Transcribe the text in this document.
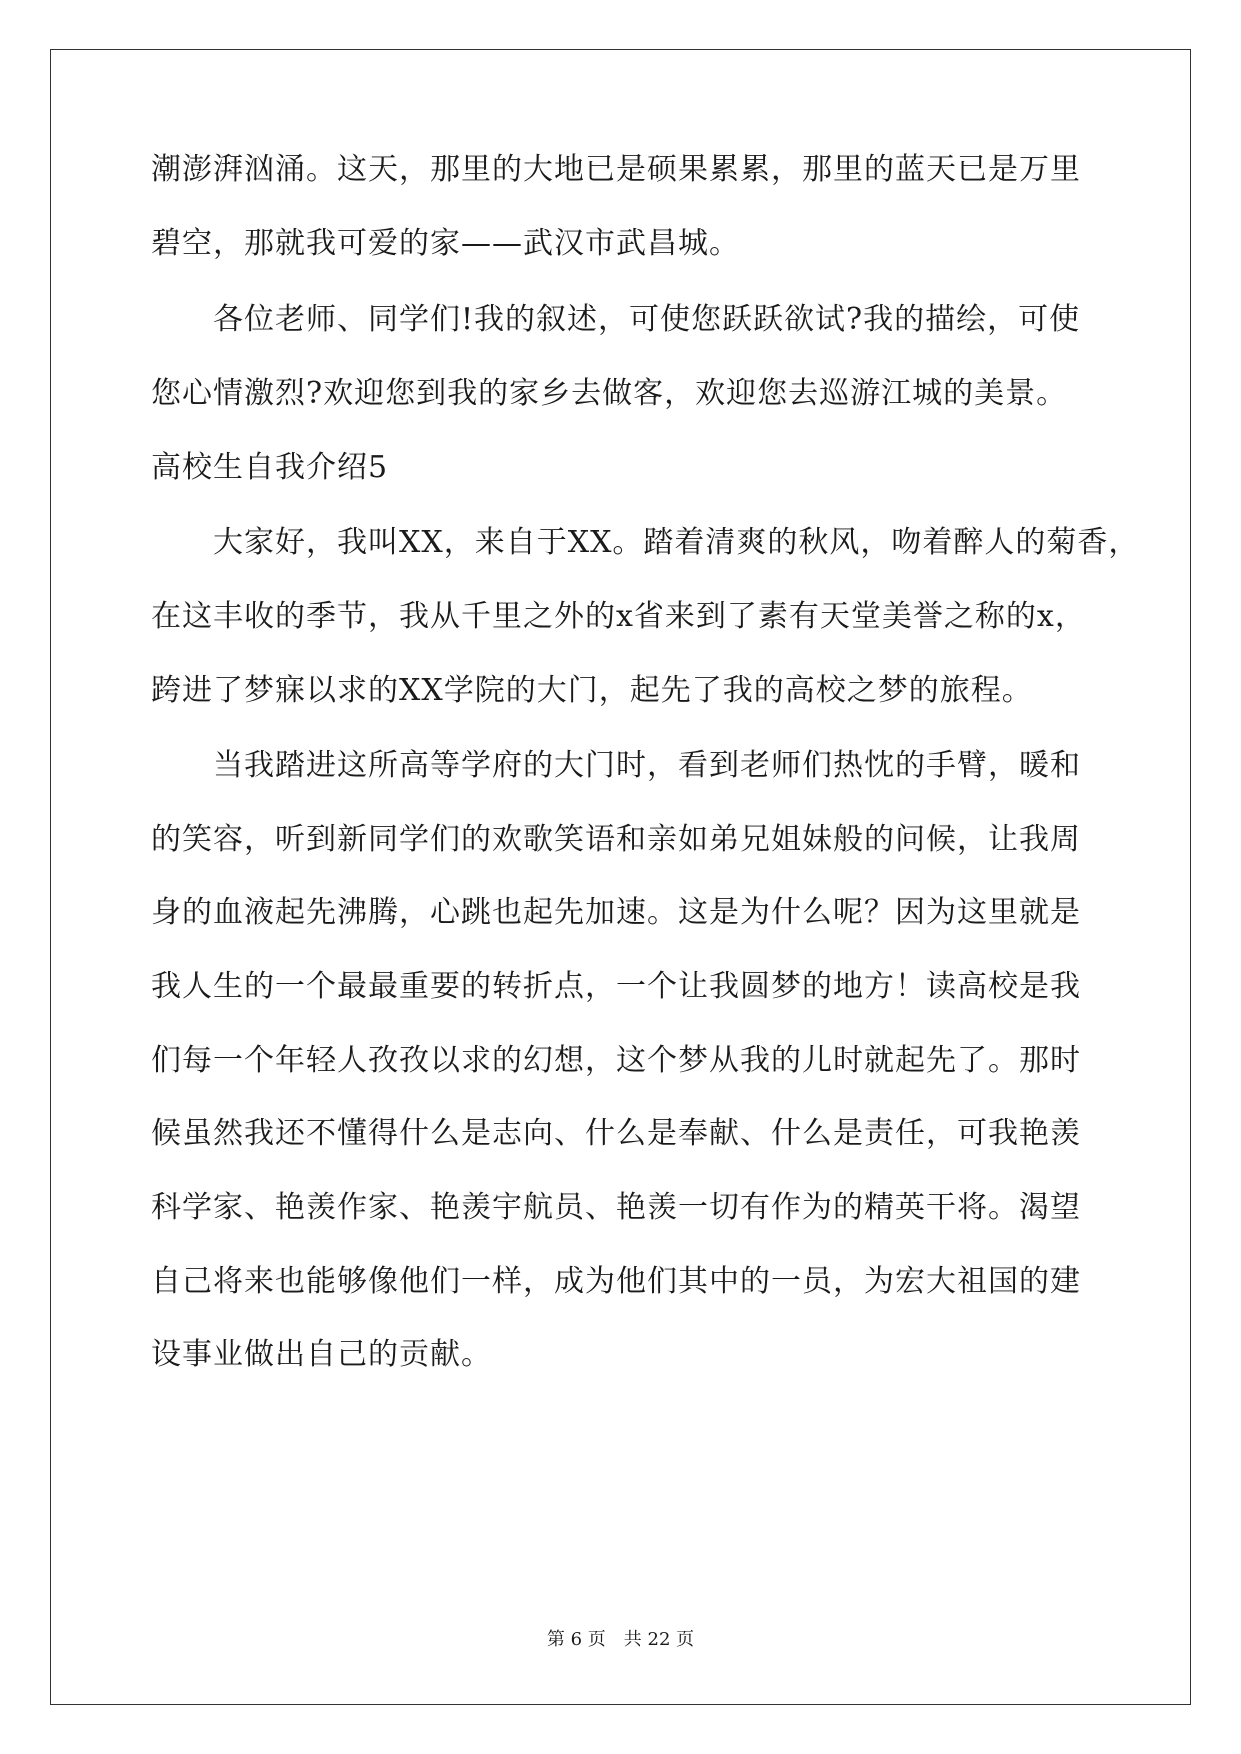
潮澎湃汹涌。这天，那里的大地已是硕果累累，那里的蓝天已是万里
碧空，那就我可爱的家——武汉市武昌城。
各位老师、同学们!我的叙述，可使您跃跃欲试?我的描绘，可使
您心情激烈?欢迎您到我的家乡去做客，欢迎您去巡游江城的美景。
高校生自我介绍5
大家好，我叫XX，来自于XX。踏着清爽的秋风，吻着醉人的菊香，
在这丰收的季节，我从千里之外的x省来到了素有天堂美誉之称的x，
跨进了梦寐以求的XX学院的大门，起先了我的高校之梦的旅程。
当我踏进这所高等学府的大门时，看到老师们热忱的手臂，暖和
的笑容，听到新同学们的欢歌笑语和亲如弟兄姐妹般的问候，让我周
身的血液起先沸腾，心跳也起先加速。这是为什么呢？因为这里就是
我人生的一个最最重要的转折点，一个让我圆梦的地方！读高校是我
们每一个年轻人孜孜以求的幻想，这个梦从我的儿时就起先了。那时
候虽然我还不懂得什么是志向、什么是奉献、什么是责任，可我艳羡
科学家、艳羡作家、艳羡宇航员、艳羡一切有作为的精英干将。渴望
自己将来也能够像他们一样，成为他们其中的一员，为宏大祖国的建
设事业做出自己的贡献。
第 6 页　共 22 页
